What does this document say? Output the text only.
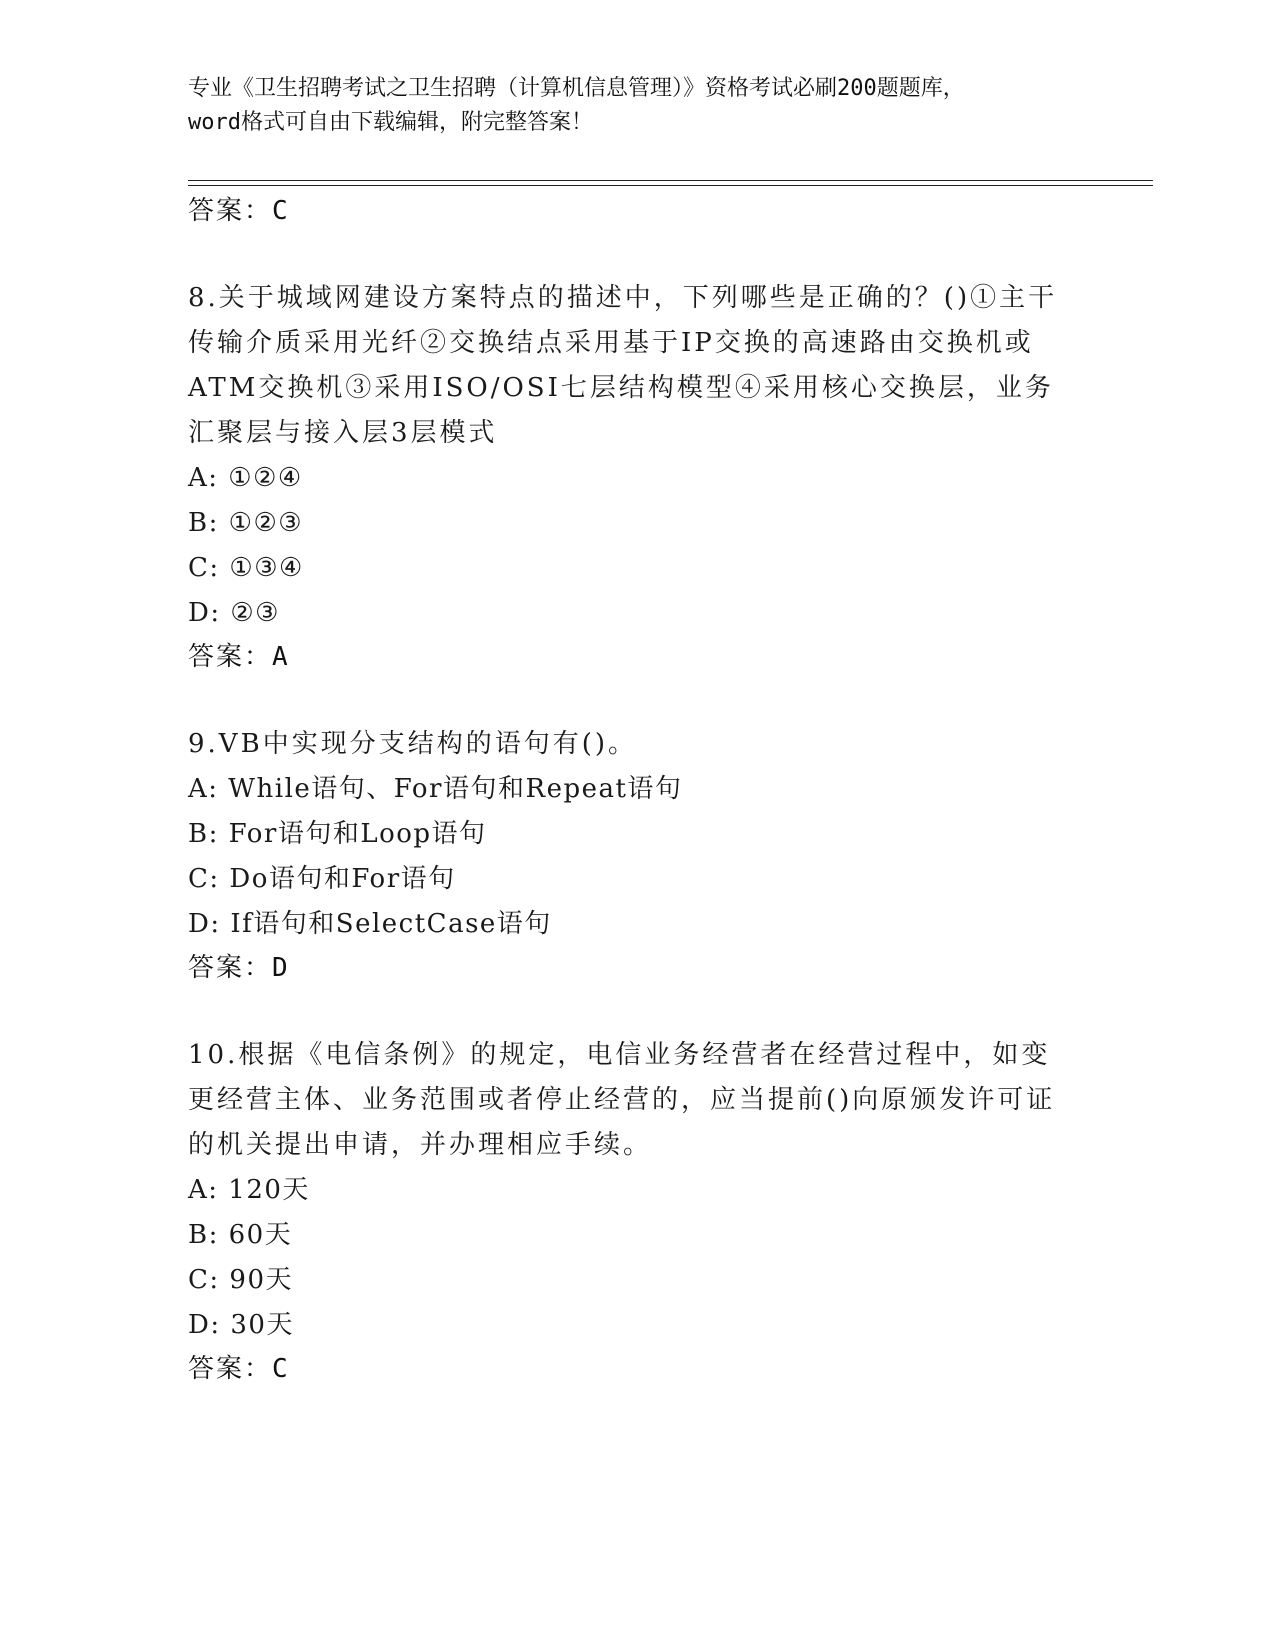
专业《卫生招聘考试之卫生招聘（计算机信息管理）》资格考试必刷200题题库，
word格式可自由下载编辑，附完整答案！
答案：C

8.关于城域网建设方案特点的描述中，下列哪些是正确的？()①主干传输介质采用光纤②交换结点采用基于IP交换的高速路由交换机或ATM交换机③采用ISO/OSI七层结构模型④采用核心交换层，业务汇聚层与接入层3层模式

A: ①②④

B: ①②③

C: ①③④

D: ②③

答案：A

9.VB中实现分支结构的语句有()。

A: While语句、For语句和Repeat语句

B: For语句和Loop语句

C: Do语句和For语句

D: If语句和SelectCase语句

答案：D

10.根据《电信条例》的规定，电信业务经营者在经营过程中，如变更经营主体、业务范围或者停止经营的，应当提前()向原颁发许可证的机关提出申请，并办理相应手续。

A: 120天

B: 60天

C: 90天

D: 30天

答案：C
